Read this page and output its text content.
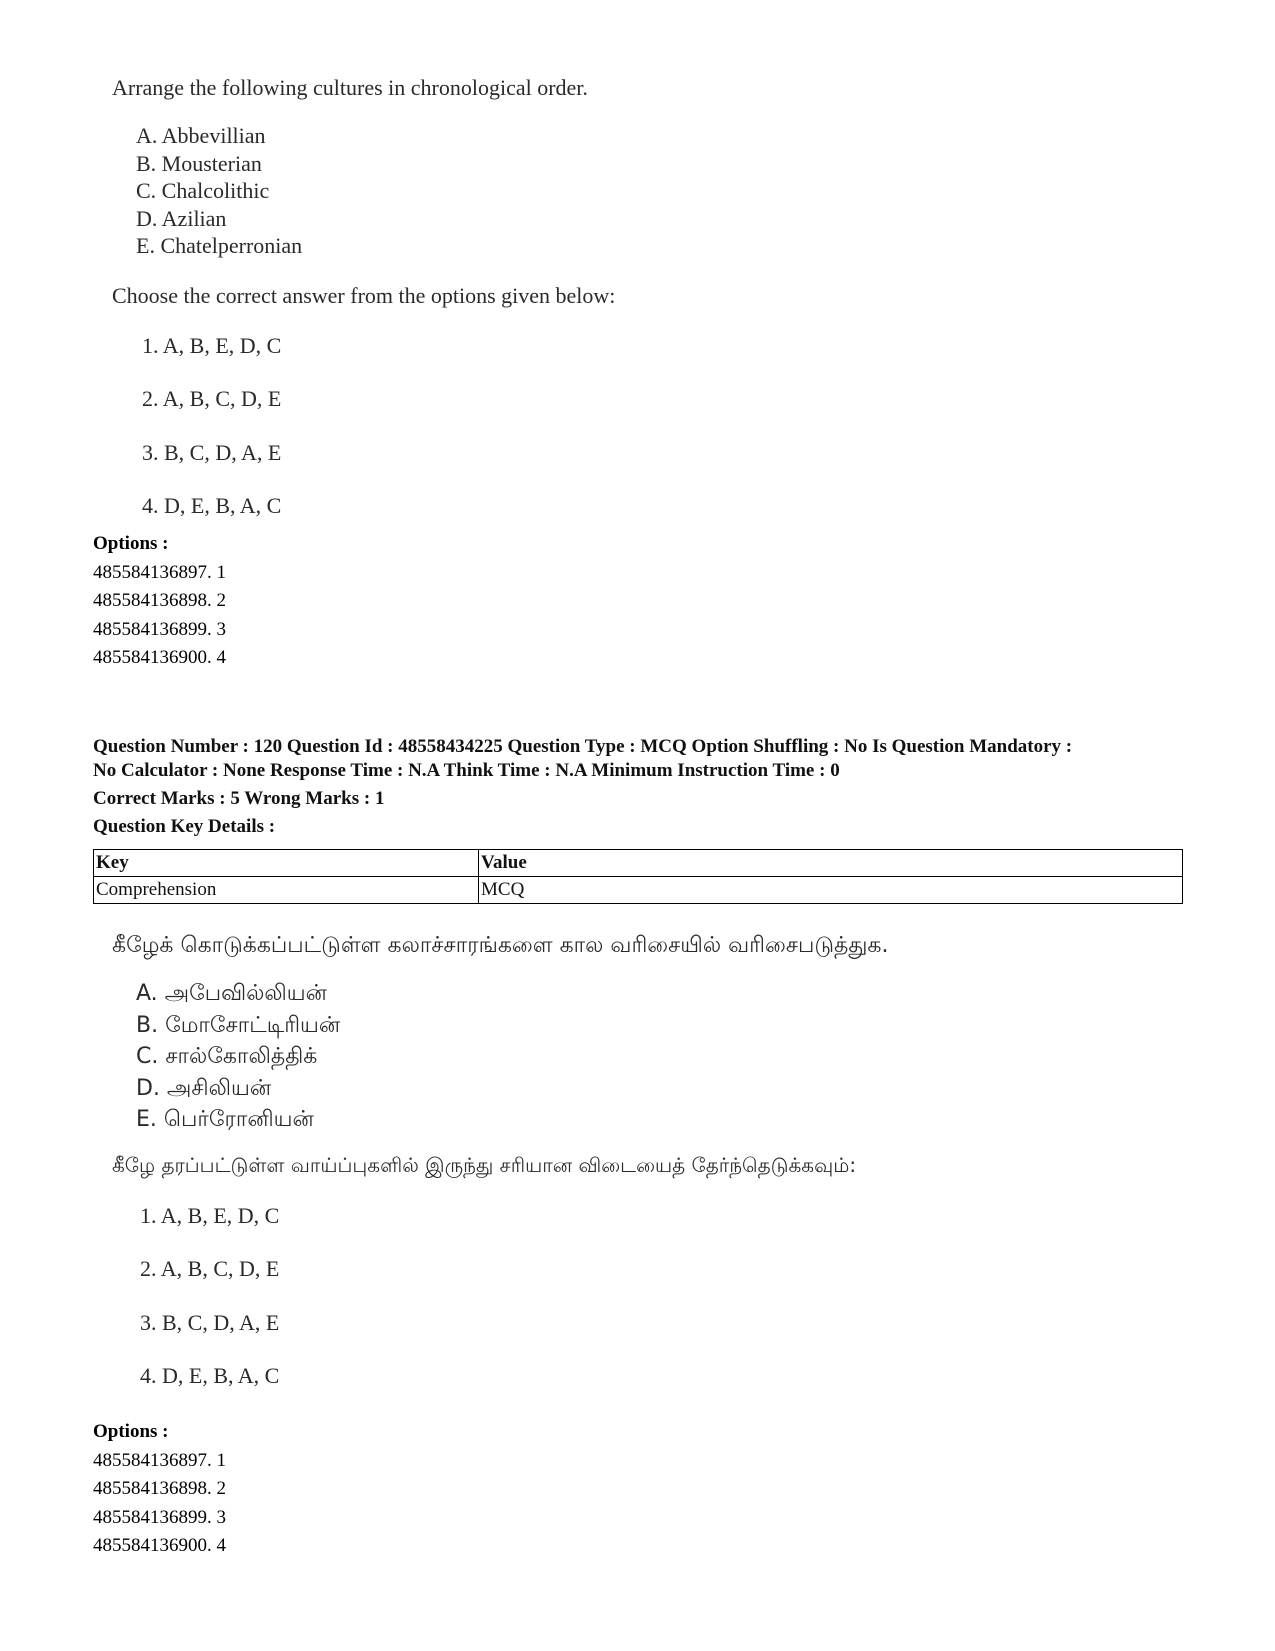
Arrange the following cultures in chronological order.
A. Abbevillian
B. Mousterian
C. Chalcolithic
D. Azilian
E. Chatelperronian
Choose the correct answer from the options given below:
1. A, B, E, D, C
2. A, B, C, D, E
3. B, C, D, A, E
4. D, E, B, A, C
Options :
485584136897. 1
485584136898. 2
485584136899. 3
485584136900. 4
Question Number : 120 Question Id : 48558434225 Question Type : MCQ Option Shuffling : No Is Question Mandatory :
No Calculator : None Response Time : N.A Think Time : N.A Minimum Instruction Time : 0
Correct Marks : 5 Wrong Marks : 1
Question Key Details :
Key	Value
Comprehension	MCQ
கீழேக் கொடுக்கப்பட்டுள்ள கலாச்சாரங்களை கால வரிசையில் வரிசைபடுத்துக.
A. அபேவில்லியன்
B. மோசோட்டிரியன்
C. சால்கோலித்திக்
D. அசிலியன்
E. பெர்ரோனியன்
கீழே தரப்பட்டுள்ள வாய்ப்புகளில் இருந்து சரியான விடையைத் தேர்ந்தெடுக்கவும்:
1. A, B, E, D, C
2. A, B, C, D, E
3. B, C, D, A, E
4. D, E, B, A, C
Options :
485584136897. 1
485584136898. 2
485584136899. 3
485584136900. 4
